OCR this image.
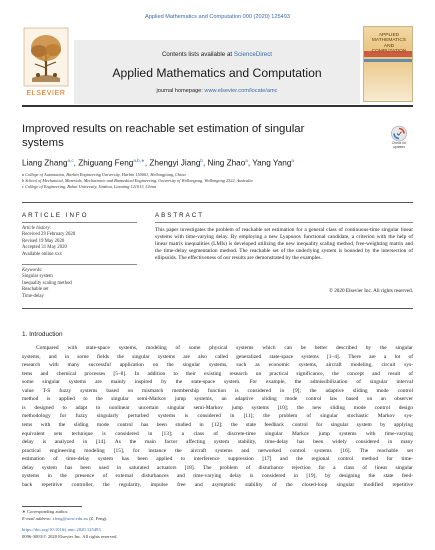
Applied Mathematics and Computation 000 (2020) 125493
ELSEVIER
Contents lists available at ScienceDirect
Applied Mathematics and Computation
journal homepage: www.elsevier.com/locate/amc
APPLIED MATHEMATICS AND
Improved results on reachable set estimation of singular
systems	Check for
updates
Liang Zhang$^{a,c}$, Zhiguang Feng$^{a,b,∗}$, Zhengyi Jiang$^b$, Ning Zhao$^a$, Yang Yang$^a$
a College of Automation, Harbin Engineering University, Harbin 150001, Heilongjiang, China
b School of Mechanical, Materials, Mechatronic and Biomedical Engineering, University of Wollongong, Wollongong 2522, Australia
c College of Engineering, Bohai University, Jinzhou, Liaoning 121013, China
ARTICLE INFO
Article history:
Received 29 February 2020
Revised 19 May 2020
Accepted 31 May 2020
Available online xxx
Keywords:
Singular system
Inequality scaling method
Reachable set
Time-delay
ABSTRACT
This paper investigates the problem of reachable set estimation for a general class of continuous-time singular linear systems with time-varying delay. By employing a new Lyapunov functional candidate, a criterion with the help of linear matrix inequalities (LMIs) is developed utilizing the new inequality scaling method, free-weighting matrix and the time-delay segmentation method. The reachable set of the underlying system is bounded by the intersection of ellipsoids. The effectiveness of our results are demonstrated by the examples.
© 2020 Elsevier Inc. All rights reserved.
1. Introduction
Compared with state-space systems, modeling of some physical systems which can be better described by the singular
systems, and in some fields the singular systems are also called generalized state-space systems [1–4]. There are a lot of
research with many successful application on the singular systems, such as economic systems, aircraft modeling, circuit sys-
tems and chemical processes [5–8]. In addition to their existing research on practical significance, the concept and result of
some singular systems are mainly inspired by the state-space system. For example, the admissibilization of singular interval
value T-S fuzzy systems based on mismatch membership function is considered in [9]; the adaptive sliding mode control
method is applied to the singular semi-Markov jump systems, an adaptive sliding mode control law based on an observer
is designed to adapt to nonlinear uncertain singular semi-Markov jump systems [10]; the new sliding mode control design
methodology for fuzzy singularly perturbed systems is considered in [11]; the problem of singular stochastic Markov sys-
tems with the sliding mode control has been studied in [12]; the state feedback control for singular system by applying
equivalent sets technique is considered in [13]; a class of discrete-time singular Markov jump systems with time-varying
delay is analyzed in [14]. As the main factor affecting system stability, time-delay has been widely considered in many
practical engineering modeling [15], for instance the aircraft systems and networked control systems [16]. The reachable set
estimation of time-delay system has been applied to interference suppression [17] and the regional control method for time-
delay system has been used in saturated actuators [18]. The problem of disturbance rejection for a class of linear singular
systems in the presence of external disturbances and time-varying delay is considered in [19], by designing the state feed-
back repetitive controller, the regularity, impulse free and asymptotic stability of the closed-loop singular modified repetitive
∗ Corresponding author.
E-mail address: zfeng@uow.edu.au (Z. Feng).
https://doi.org/10.1016/j.amc.2020.125493
0096-3003/© 2020 Elsevier Inc. All rights reserved.
